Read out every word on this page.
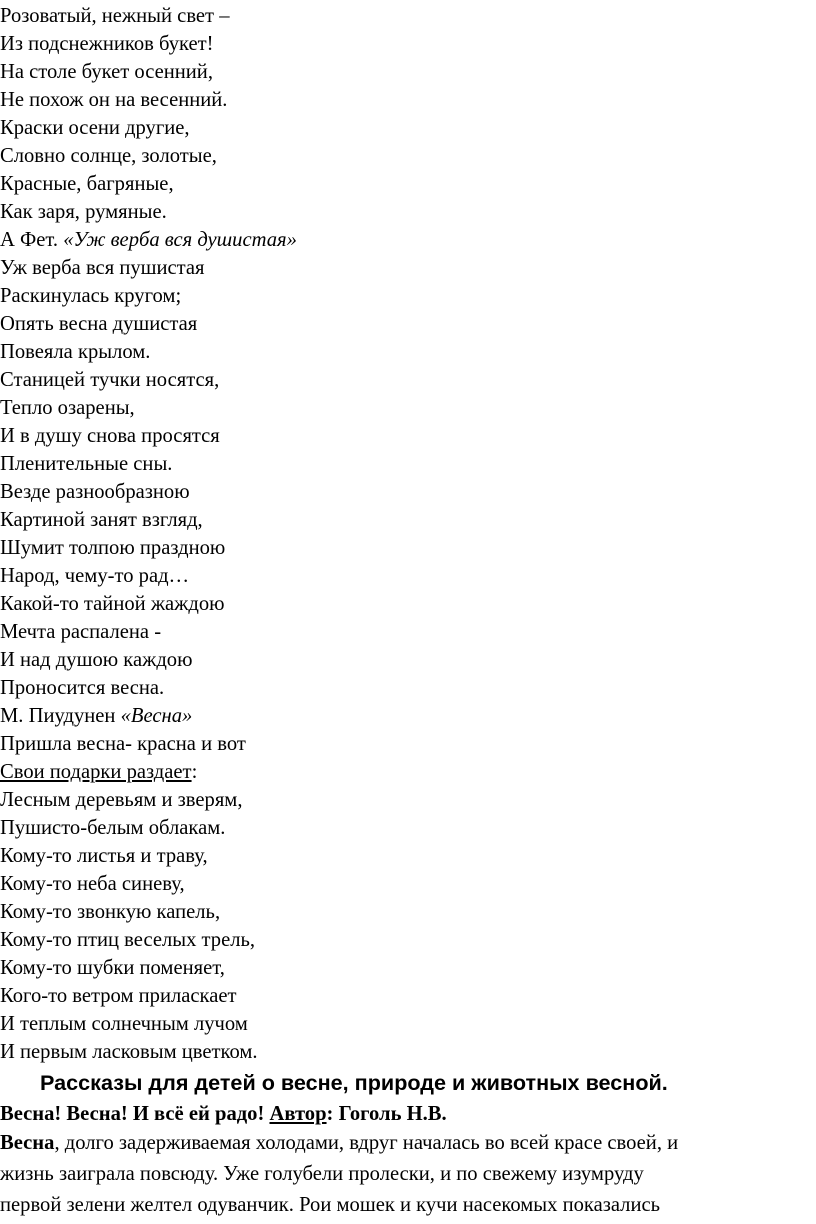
Розоватый, нежный свет –
Из подснежников букет!
На столе букет осенний,
Не похож он на весенний.
Краски осени другие,
Словно солнце, золотые,
Красные, багряные,
Как заря, румяные.
А Фет. «Уж верба вся душистая»
Уж верба вся пушистая
Раскинулась кругом;
Опять весна душистая
Повеяла крылом.
Станицей тучки носятся,
Тепло озарены,
И в душу снова просятся
Пленительные сны.
Везде разнообразною
Картиной занят взгляд,
Шумит толпою праздною
Народ, чему-то рад…
Какой-то тайной жаждою
Мечта распалена -
И над душою каждою
Проносится весна.
М. Пиудунен «Весна»
Пришла весна- красна и вот
Свои подарки раздает:
Лесным деревьям и зверям,
Пушисто-белым облакам.
Кому-то листья и траву,
Кому-то неба синеву,
Кому-то звонкую капель,
Кому-то птиц веселых трель,
Кому-то шубки поменяет,
Кого-то ветром приласкает
И теплым солнечным лучом
И первым ласковым цветком.
Рассказы для детей о весне, природе и животных весной.
Весна! Весна! И всё ей радо! Автор: Гоголь Н.В.
Весна, долго задерживаемая холодами, вдруг началась во всей красе своей, и
жизнь заиграла повсюду. Уже голубели пролески, и по свежему изумруду
первой зелени желтел одуванчик. Рои мошек и кучи насекомых показались
